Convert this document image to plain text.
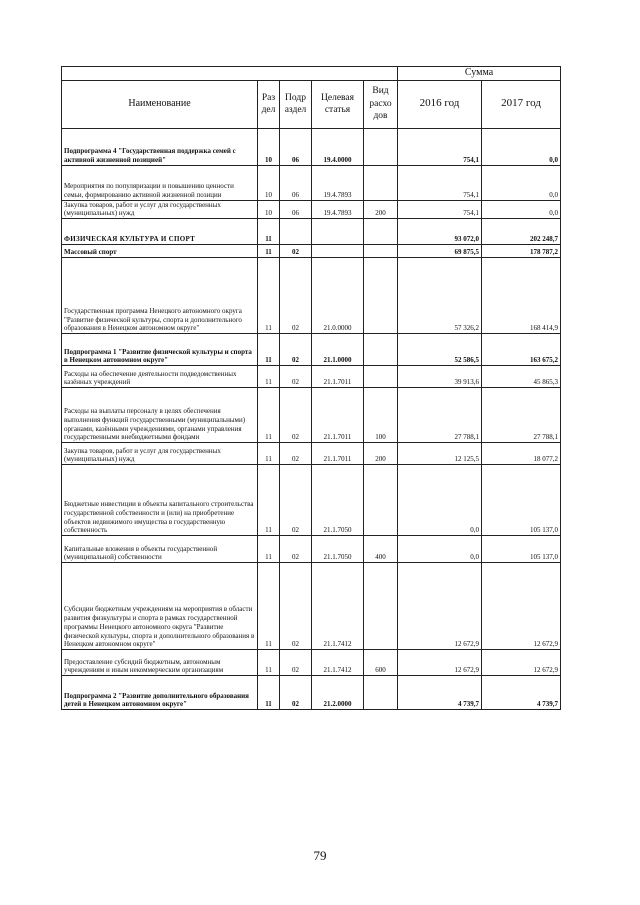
					Сумма	
Наименование	Раз дел	Подр аздел	Целевая статья	Вид расхо дов	2016 год	2017 год
Подпрограмма 4 "Государственная поддержка семей с активной жизненной позицией"	10	06	19.4.0000		754,1	0,0
Мероприятия по популяризации и повышению ценности семьи, формированию активной жизненной позиции	10	06	19.4.7893		754,1	0,0
Закупка товаров, работ и услуг для государственных (муниципальных) нужд	10	06	19.4.7893	200	754,1	0,0
ФИЗИЧЕСКАЯ КУЛЬТУРА И СПОРТ	11				93 072,0	202 248,7
Массовый спорт	11	02			69 875,5	178 787,2
Государственная программа Ненецкого автономного округа "Развитие физической культуры, спорта и дополнительного образования в Ненецком автономном округе"	11	02	21.0.0000		57 326,2	168 414,9
Подпрограмма 1 "Развитие физической культуры и спорта в Ненецком автономном округе"	11	02	21.1.0000		52 586,5	163 675,2
Расходы на обеспечение деятельности подведомственных казённых учреждений	11	02	21.1.7011		39 913,6	45 865,3
Расходы на выплаты персоналу в целях обеспечения выполнения функций государственными (муниципальными) органами, казёнными учреждениями, органами управления государственными внебюджетными фондами	11	02	21.1.7011	100	27 788,1	27 788,1
Закупка товаров, работ и услуг для государственных (муниципальных) нужд	11	02	21.1.7011	200	12 125,5	18 077,2
Бюджетные инвестиции в объекты капитального строительства государственной собственности и (или) на приобретение объектов недвижимого имущества в государственную собственность	11	02	21.1.7050		0,0	105 137,0
Капитальные вложения в объекты государственной (муниципальной) собственности	11	02	21.1.7050	400	0,0	105 137,0
Субсидии бюджетным учреждениям на мероприятия в области развития физкультуры и спорта в рамках государственной программы Ненецкого автономного округа "Развитие физической культуры, спорта и дополнительного образования в Ненецком автономном округе"	11	02	21.1.7412		12 672,9	12 672,9
Предоставление субсидий бюджетным, автономным учреждениям и иным некоммерческим организациям	11	02	21.1.7412	600	12 672,9	12 672,9
Подпрограмма 2 "Развитие дополнительного образования детей в Ненецком автономном округе"	11	02	21.2.0000		4 739,7	4 739,7
79
